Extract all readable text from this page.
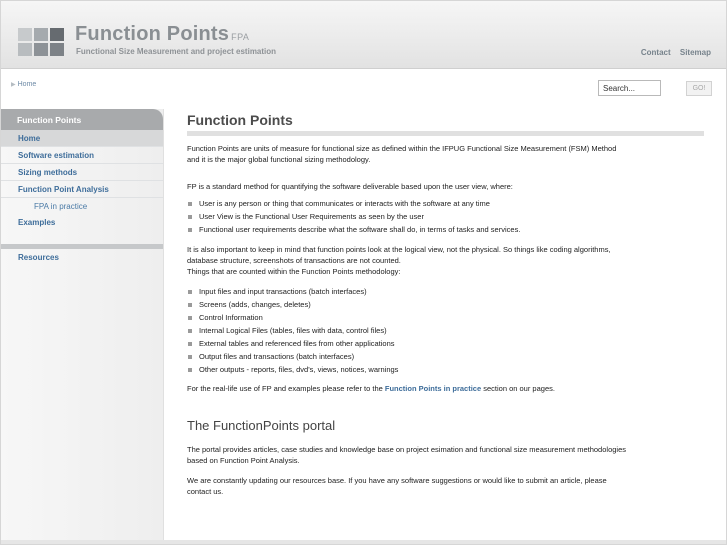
Function Points FPA
Functional Size Measurement and project estimation	Contact Sitemap
▶ Home
Search...
GO!
Function Points
Home
Software estimation
Sizing methods
Function Point Analysis
FPA in practice
Examples
Resources
Function Points

Function Points are units of measure for functional size as defined within the IFPUG Functional Size Measurement (FSM) Method
and it is the major global functional sizing methodology.

FP is a standard method for quantifying the software deliverable based upon the user view, where:

User is any person or thing that communicates or interacts with the software at any time
User View is the Functional User Requirements as seen by the user
Functional user requirements describe what the software shall do, in terms of tasks and services.

It is also important to keep in mind that function points look at the logical view, not the physical. So things like coding algorithms,
database structure, screenshots of transactions are not counted.
Things that are counted within the Function Points methodology:

Input files and input transactions (batch interfaces)
Screens (adds, changes, deletes)
Control Information
Internal Logical Files (tables, files with data, control files)
External tables and referenced files from other applications
Output files and transactions (batch interfaces)
Other outputs - reports, files, dvd's, views, notices, warnings

For the real-life use of FP and examples please refer to the Function Points in practice section on our pages.

The FunctionPoints portal

The portal provides articles, case studies and knowledge base on project esimation and functional size measurement methodologies
based on Function Point Analysis.

We are constantly updating our resources base. If you have any software suggestions or would like to submit an article, please
contact us.
